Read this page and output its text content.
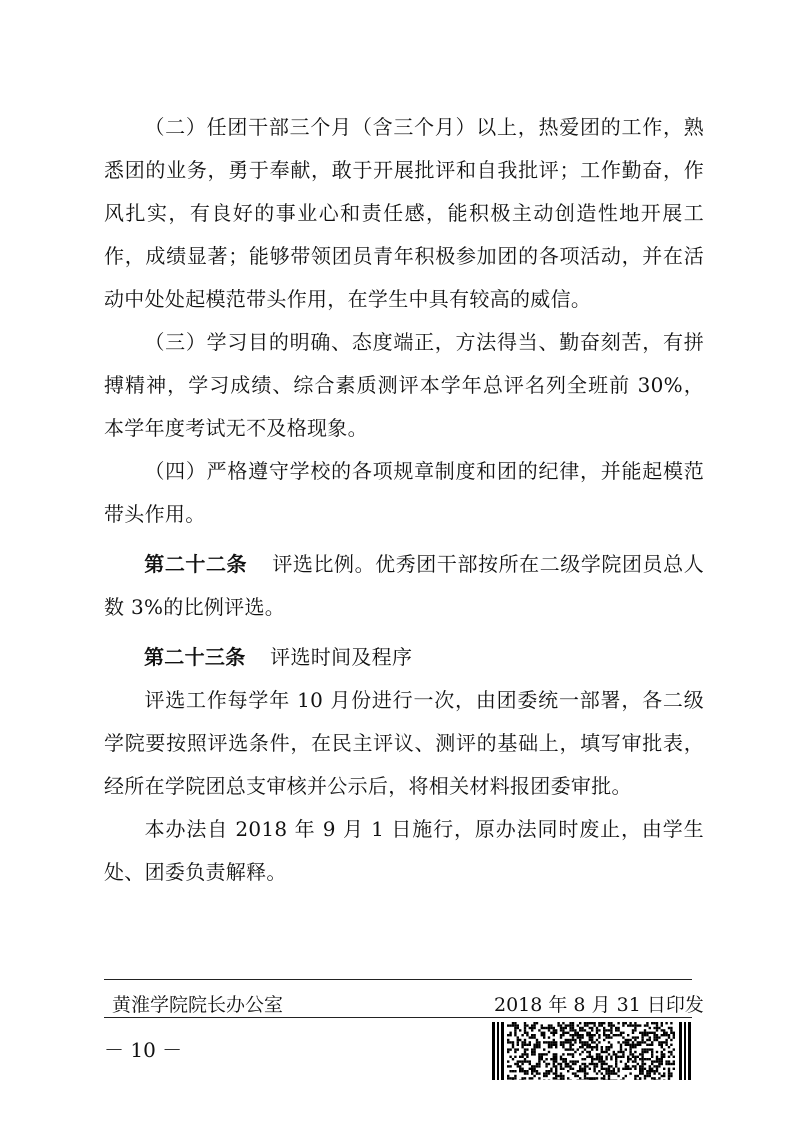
（二）任团干部三个月（含三个月）以上，热爱团的工作，熟悉团的业务，勇于奉献，敢于开展批评和自我批评；工作勤奋，作风扎实，有良好的事业心和责任感，能积极主动创造性地开展工作，成绩显著；能够带领团员青年积极参加团的各项活动，并在活动中处处起模范带头作用，在学生中具有较高的威信。
（三）学习目的明确、态度端正，方法得当、勤奋刻苦，有拼搏精神，学习成绩、综合素质测评本学年总评名列全班前 30%，本学年度考试无不及格现象。
（四）严格遵守学校的各项规章制度和团的纪律，并能起模范带头作用。
第二十二条 评选比例。优秀团干部按所在二级学院团员总人数 3%的比例评选。
第二十三条 评选时间及程序
评选工作每学年 10 月份进行一次，由团委统一部署，各二级学院要按照评选条件，在民主评议、测评的基础上，填写审批表，经所在学院团总支审核并公示后，将相关材料报团委审批。
本办法自 2018 年 9 月 1 日施行，原办法同时废止，由学生处、团委负责解释。
黄淮学院院长办公室	2018 年 8 月 31 日印发
－ 10 －
